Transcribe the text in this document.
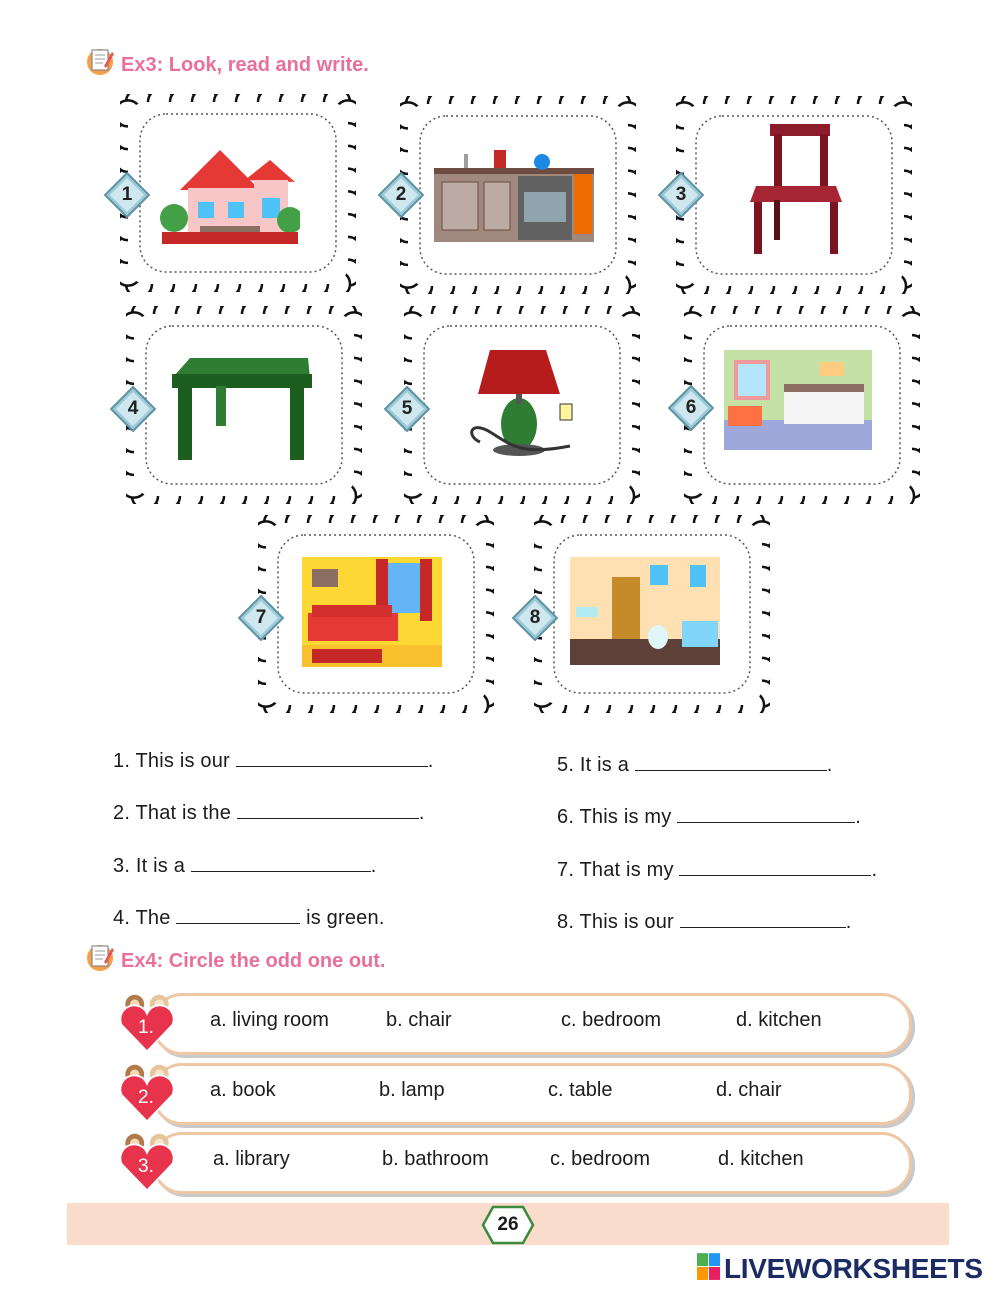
Ex3: Look, read and write.
1	2	3
4	5	6
7	8
1. This is our	.
2. That is the	.
3. It is a	.
4. The	is green.
5. It is a	.
6. This is my	.
7. That is my	.
8. This is our	.
Ex4: Circle the odd one out.
1.	a. living room	b. chair	c. bedroom	d. kitchen
2.	a. book	b. lamp	c. table	d. chair
3.	a. library	b. bathroom	c. bedroom	d. kitchen
26
LIVEWORKSHEETS
